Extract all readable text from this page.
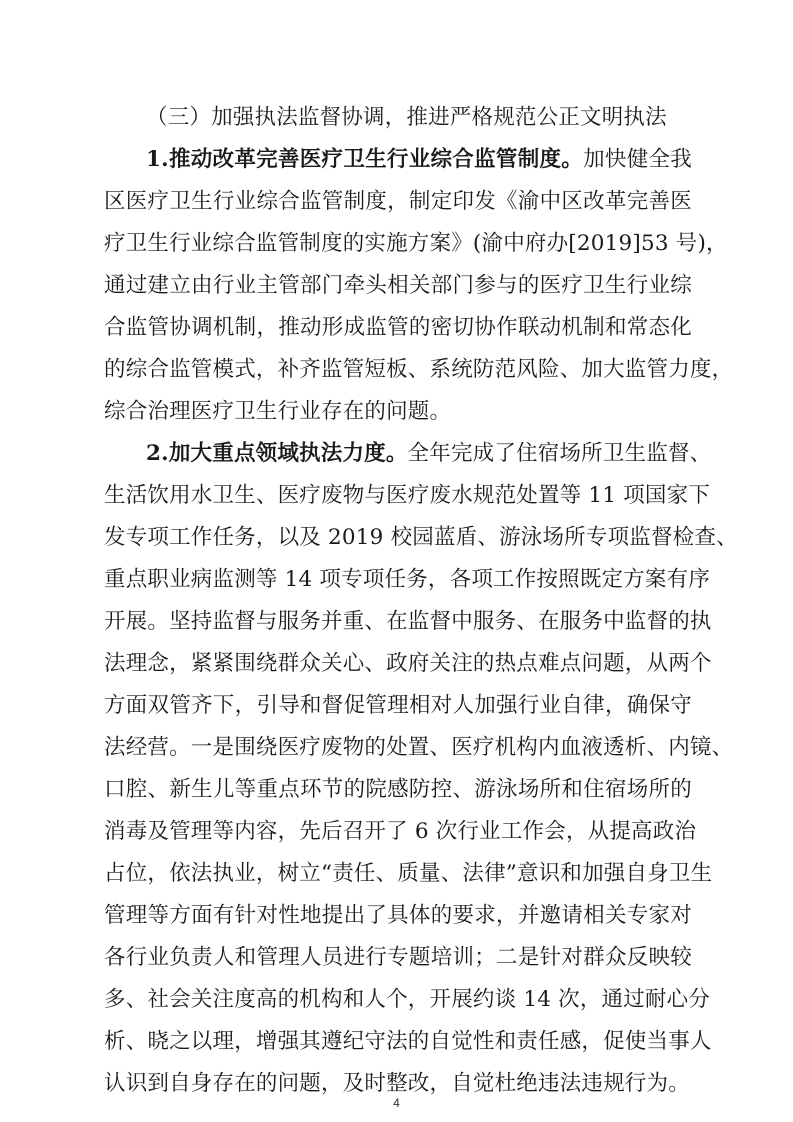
（三）加强执法监督协调，推进严格规范公正文明执法
1.推动改革完善医疗卫生行业综合监管制度。加快健全我
区医疗卫生行业综合监管制度，制定印发《渝中区改革完善医
疗卫生行业综合监管制度的实施方案》(渝中府办[2019]53 号)，
通过建立由行业主管部门牵头相关部门参与的医疗卫生行业综
合监管协调机制，推动形成监管的密切协作联动机制和常态化
的综合监管模式，补齐监管短板、系统防范风险、加大监管力度，
综合治理医疗卫生行业存在的问题。
2.加大重点领域执法力度。全年完成了住宿场所卫生监督、
生活饮用水卫生、医疗废物与医疗废水规范处置等 11 项国家下
发专项工作任务，以及 2019 校园蓝盾、游泳场所专项监督检查、
重点职业病监测等 14 项专项任务，各项工作按照既定方案有序
开展。坚持监督与服务并重、在监督中服务、在服务中监督的执
法理念，紧紧围绕群众关心、政府关注的热点难点问题，从两个
方面双管齐下，引导和督促管理相对人加强行业自律，确保守
法经营。一是围绕医疗废物的处置、医疗机构内血液透析、内镜、
口腔、新生儿等重点环节的院感防控、游泳场所和住宿场所的
消毒及管理等内容，先后召开了 6 次行业工作会，从提高政治
占位，依法执业，树立“责任、质量、法律”意识和加强自身卫生
管理等方面有针对性地提出了具体的要求，并邀请相关专家对
各行业负责人和管理人员进行专题培训；二是针对群众反映较
多、社会关注度高的机构和人个，开展约谈 14 次，通过耐心分
析、晓之以理，增强其遵纪守法的自觉性和责任感，促使当事人
认识到自身存在的问题，及时整改，自觉杜绝违法违规行为。
4
